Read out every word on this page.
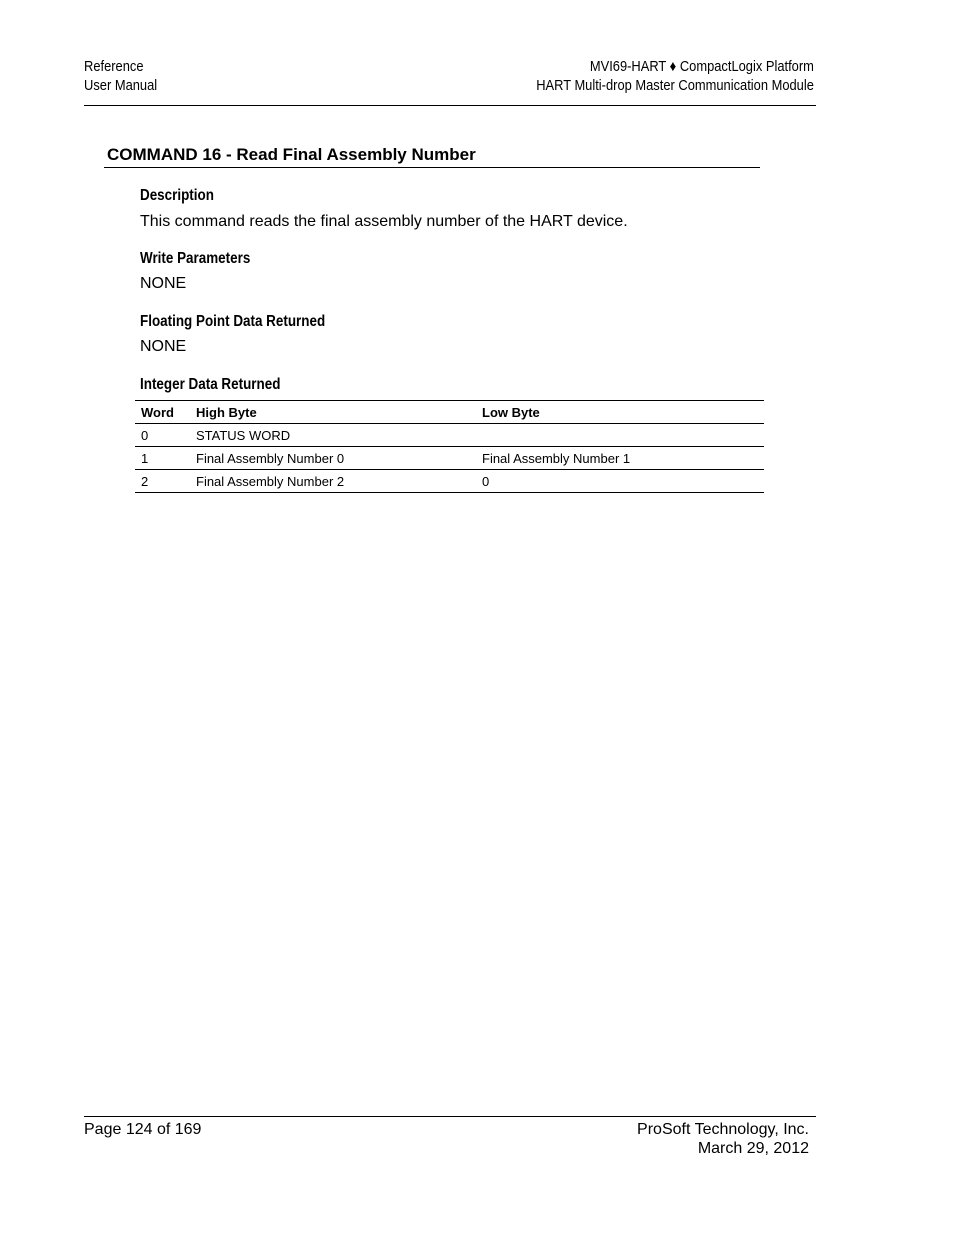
Reference
User Manual
MVI69-HART ♦ CompactLogix Platform
HART Multi-drop Master Communication Module
COMMAND 16 - Read Final Assembly Number
Description
This command reads the final assembly number of the HART device.
Write Parameters
NONE
Floating Point Data Returned
NONE
Integer Data Returned
Word	High Byte	Low Byte
0	STATUS WORD	
1	Final Assembly Number 0	Final Assembly Number 1
2	Final Assembly Number 2	0
Page 124 of 169	ProSoft Technology, Inc.
March 29, 2012
